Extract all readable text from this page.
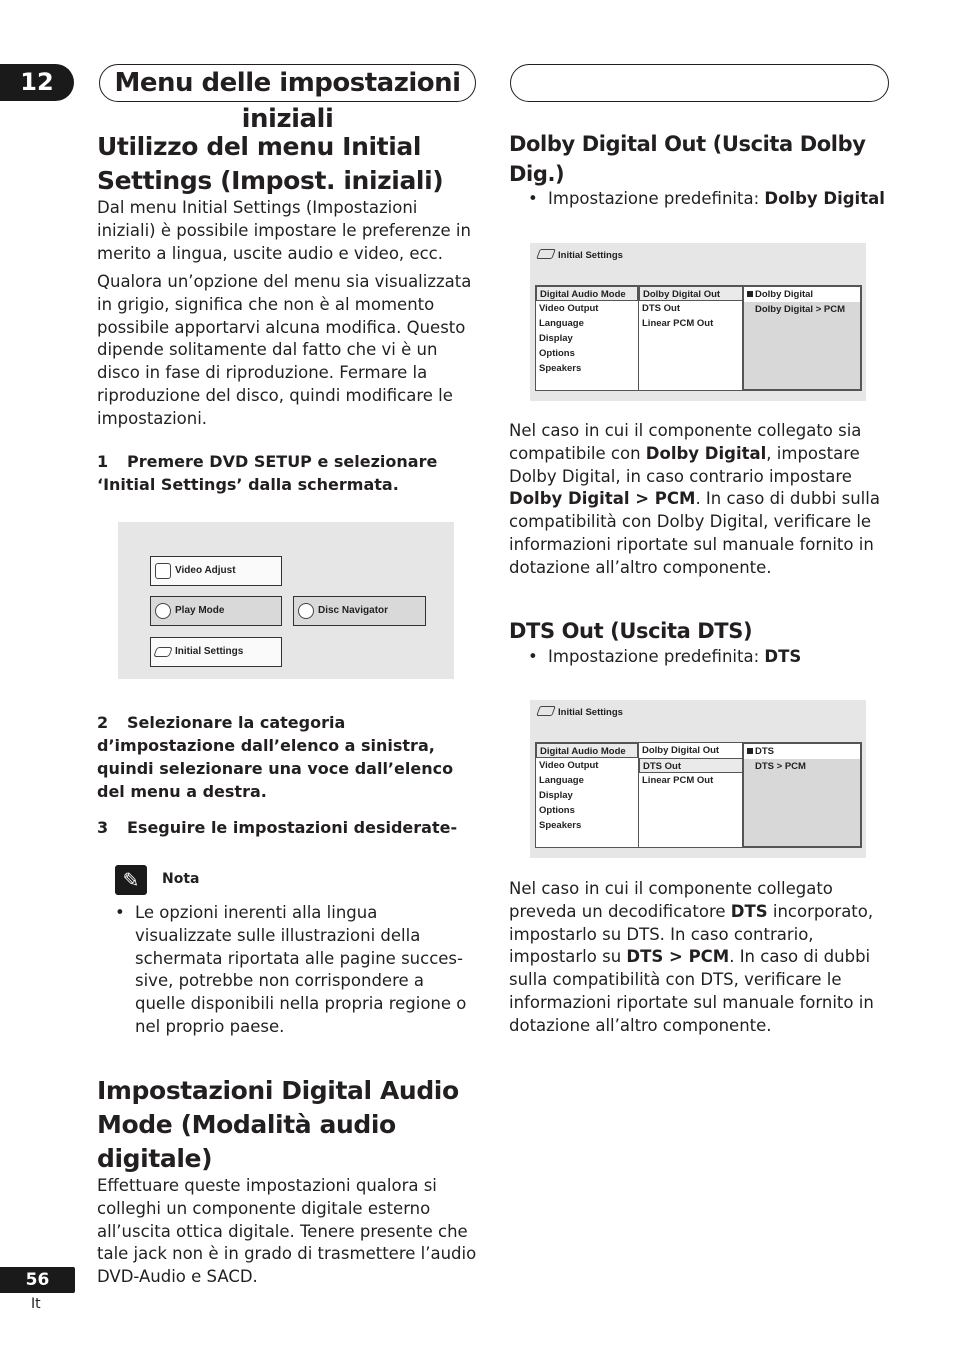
12	Menu delle impostazioni iniziali
Utilizzo del menu Initial Settings (Impost. iniziali)

Dal menu Initial Settings (Impostazioni iniziali) è possibile impostare le preferenze in merito a lingua, uscite audio e video, ecc.

Qualora un’opzione del menu sia visualizzata in grigio, significa che non è al momento possibile apportarvi alcuna modifica. Questo dipende solitamente dal fatto che vi è un disco in fase di riproduzione. Fermare la riproduzione del disco, quindi modificare le impostazioni.

1 Premere DVD SETUP e selezionare ‘Initial Settings’ dalla schermata.

Video Adjust
Play Mode	Disc Navigator
Initial Settings

2 Selezionare la categoria d’impostazione dall’elenco a sinistra, quindi selezionare una voce dall’elenco del menu a destra.

3 Eseguire le impostazioni desiderate-

✎	Nota
• Le opzioni inerenti alla lingua visualizzate sulle illustrazioni della schermata riportata alle pagine succes- sive, potrebbe non corrispondere a quelle disponibili nella propria regione o nel proprio paese.
Impostazioni Digital Audio Mode (Modalità audio digitale)

Effettuare queste impostazioni qualora si colleghi un componente digitale esterno all’uscita ottica digitale. Tenere presente che tale jack non è in grado di trasmettere l’audio DVD-Audio e SACD.

Dolby Digital Out (Uscita Dolby Dig.)
• Impostazione predefinita: Dolby Digital
Initial Settings
Digital Audio Mode
Video Output
Language
Display
Options
Speakers
Dolby Digital Out
DTS Out
Linear PCM Out
Dolby Digital
Dolby Digital > PCM

Nel caso in cui il componente collegato sia compatibile con Dolby Digital, impostare Dolby Digital, in caso contrario impostare Dolby Digital > PCM. In caso di dubbi sulla compatibilità con Dolby Digital, verificare le informazioni riportate sul manuale fornito in dotazione all’altro componente.

DTS Out (Uscita DTS)
• Impostazione predefinita: DTS
Initial Settings
Digital Audio Mode
Video Output
Language
Display
Options
Speakers
Dolby Digital Out
DTS Out
Linear PCM Out
DTS
DTS > PCM

Nel caso in cui il componente collegato preveda un decodificatore DTS incorporato, impostarlo su DTS. In caso contrario, impostarlo su DTS > PCM. In caso di dubbi sulla compatibilità con DTS, verificare le informazioni riportate sul manuale fornito in dotazione all’altro componente.

56
It
